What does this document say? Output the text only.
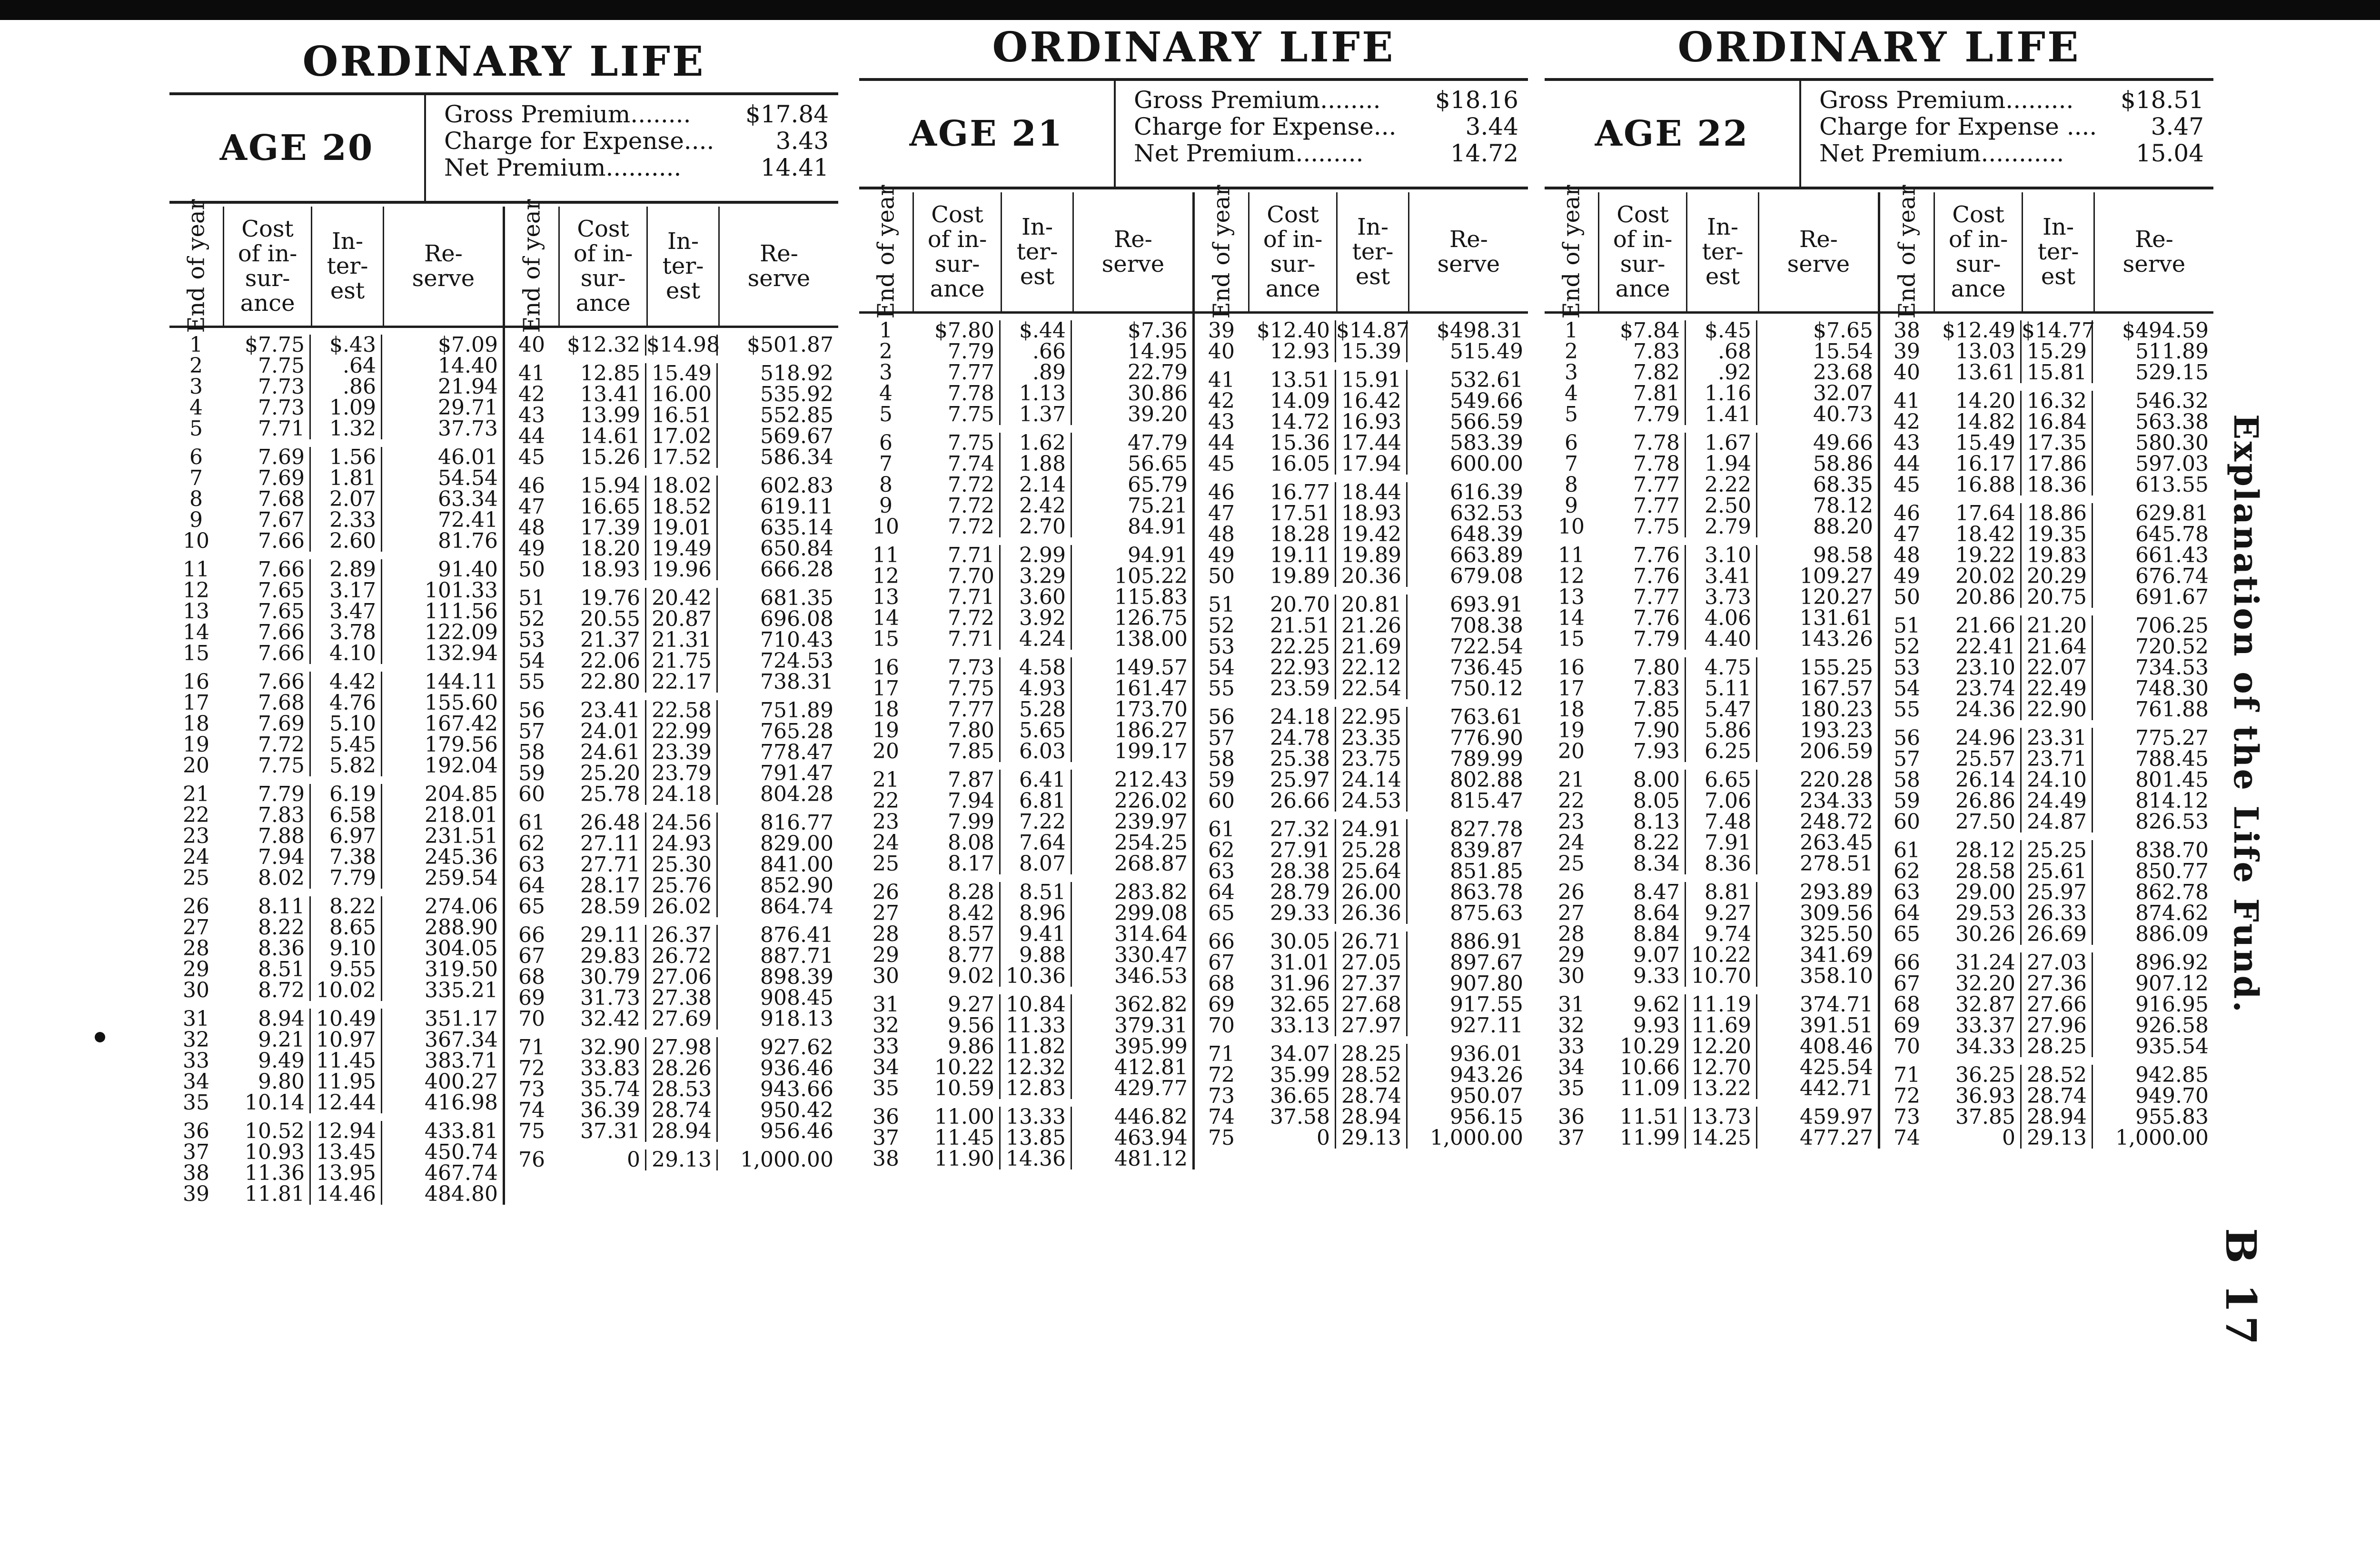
ORDINARY LIFE
AGE 20
Gross Premium........ $17.84
Charge for Expense....	3.43
Net Premium..........	14.41
End of year	Cost
of in-
sur-
ance
In-
ter-
est
Re-
serve
1	$7.75	$.43	$7.09
2	7.75	.64	14.40
3	7.73	.86	21.94
4	7.73	1.09	29.71
5	7.71	1.32	37.73
6	7.69	1.56	46.01
7	7.69	1.81	54.54
8	7.68	2.07	63.34
9	7.67	2.33	72.41
10	7.66	2.60	81.76
11	7.66	2.89	91.40
12	7.65	3.17	101.33
13	7.65	3.47	111.56
14	7.66	3.78	122.09
15	7.66	4.10	132.94
16	7.66	4.42	144.11
17	7.68	4.76	155.60
18	7.69	5.10	167.42
19	7.72	5.45	179.56
20	7.75	5.82	192.04
21	7.79	6.19	204.85
22	7.83	6.58	218.01
23	7.88	6.97	231.51
24	7.94	7.38	245.36
25	8.02	7.79	259.54
26	8.11	8.22	274.06
27	8.22	8.65	288.90
28	8.36	9.10	304.05
29	8.51	9.55	319.50
30	8.72 10.02	335.21
31	8.94 10.49	351.17
32	9.21 10.97	367.34
33	9.49 11.45	383.71
34	9.80 11.95	400.27
35	10.14 12.44	416.98
36	10.52 12.94	433.81
37	10.93 13.45	450.74
38	11.36 13.95	467.74
39	11.81 14.46	484.80
End of year	Cost
of in-
sur-
ance
In-
ter-
est
Re-
serve
40	$12.32 $14.98	$501.87
41	12.85 15.49	518.92
42	13.41 16.00	535.92
43	13.99 16.51	552.85
44	14.61 17.02	569.67
45	15.26 17.52	586.34
46	15.94 18.02	602.83
47	16.65 18.52	619.11
48	17.39 19.01	635.14
49	18.20 19.49	650.84
50	18.93 19.96	666.28
51	19.76 20.42	681.35
52	20.55 20.87	696.08
53	21.37 21.31	710.43
54	22.06 21.75	724.53
55	22.80 22.17	738.31
56	23.41 22.58	751.89
57	24.01 22.99	765.28
58	24.61 23.39	778.47
59	25.20 23.79	791.47
60	25.78 24.18	804.28
61	26.48 24.56	816.77
62	27.11 24.93	829.00
63	27.71 25.30	841.00
64	28.17 25.76	852.90
65	28.59 26.02	864.74
66	29.11 26.37	876.41
67	29.83 26.72	887.71
68	30.79 27.06	898.39
69	31.73 27.38	908.45
70	32.42 27.69	918.13
71	32.90 27.98	927.62
72	33.83 28.26	936.46
73	35.74 28.53	943.66
74	36.39 28.74	950.42
75	37.31 28.94	956.46
76	0 29.13	1,000.00
ORDINARY LIFE
AGE 21
Gross Premium........ $18.16
Charge for Expense...	3.44
Net Premium.........	14.72
End of year	Cost
of in-
sur-
ance
In-
ter-
est
Re-
serve
1	$7.80	$.44	$7.36
2	7.79	.66	14.95
3	7.77	.89	22.79
4	7.78	1.13	30.86
5	7.75	1.37	39.20
6	7.75	1.62	47.79
7	7.74	1.88	56.65
8	7.72	2.14	65.79
9	7.72	2.42	75.21
10	7.72	2.70	84.91
11	7.71	2.99	94.91
12	7.70	3.29	105.22
13	7.71	3.60	115.83
14	7.72	3.92	126.75
15	7.71	4.24	138.00
16	7.73	4.58	149.57
17	7.75	4.93	161.47
18	7.77	5.28	173.70
19	7.80	5.65	186.27
20	7.85	6.03	199.17
21	7.87	6.41	212.43
22	7.94	6.81	226.02
23	7.99	7.22	239.97
24	8.08	7.64	254.25
25	8.17	8.07	268.87
26	8.28	8.51	283.82
27	8.42	8.96	299.08
28	8.57	9.41	314.64
29	8.77	9.88	330.47
30	9.02 10.36	346.53
31	9.27 10.84	362.82
32	9.56 11.33	379.31
33	9.86 11.82	395.99
34	10.22 12.32	412.81
35	10.59 12.83	429.77
36	11.00 13.33	446.82
37	11.45 13.85	463.94
38	11.90 14.36	481.12
End of year	Cost
of in-
sur-
ance
In-
ter-
est
Re-
serve
39	$12.40 $14.87	$498.31
40	12.93 15.39	515.49
41	13.51 15.91	532.61
42	14.09 16.42	549.66
43	14.72 16.93	566.59
44	15.36 17.44	583.39
45	16.05 17.94	600.00
46	16.77 18.44	616.39
47	17.51 18.93	632.53
48	18.28 19.42	648.39
49	19.11 19.89	663.89
50	19.89 20.36	679.08
51	20.70 20.81	693.91
52	21.51 21.26	708.38
53	22.25 21.69	722.54
54	22.93 22.12	736.45
55	23.59 22.54	750.12
56	24.18 22.95	763.61
57	24.78 23.35	776.90
58	25.38 23.75	789.99
59	25.97 24.14	802.88
60	26.66 24.53	815.47
61	27.32 24.91	827.78
62	27.91 25.28	839.87
63	28.38 25.64	851.85
64	28.79 26.00	863.78
65	29.33 26.36	875.63
66	30.05 26.71	886.91
67	31.01 27.05	897.67
68	31.96 27.37	907.80
69	32.65 27.68	917.55
70	33.13 27.97	927.11
71	34.07 28.25	936.01
72	35.99 28.52	943.26
73	36.65 28.74	950.07
74	37.58 28.94	956.15
75	0 29.13	1,000.00
ORDINARY LIFE
AGE 22
Gross Premium......... $18.51
Charge for Expense .... 3.47
Net Premium...........	15.04
End of year	Cost
of in-
sur-
ance
In-
ter-
est
Re-
serve
1	$7.84	$.45	$7.65
2	7.83	.68	15.54
3	7.82	.92	23.68
4	7.81	1.16	32.07
5	7.79	1.41	40.73
6	7.78	1.67	49.66
7	7.78	1.94	58.86
8	7.77	2.22	68.35
9	7.77	2.50	78.12
10	7.75	2.79	88.20
11	7.76	3.10	98.58
12	7.76	3.41	109.27
13	7.77	3.73	120.27
14	7.76	4.06	131.61
15	7.79	4.40	143.26
16	7.80	4.75	155.25
17	7.83	5.11	167.57
18	7.85	5.47	180.23
19	7.90	5.86	193.23
20	7.93	6.25	206.59
21	8.00	6.65	220.28
22	8.05	7.06	234.33
23	8.13	7.48	248.72
24	8.22	7.91	263.45
25	8.34	8.36	278.51
26	8.47	8.81	293.89
27	8.64	9.27	309.56
28	8.84	9.74	325.50
29	9.07 10.22	341.69
30	9.33 10.70	358.10
31	9.62 11.19	374.71
32	9.93 11.69	391.51
33	10.29 12.20	408.46
34	10.66 12.70	425.54
35	11.09 13.22	442.71
36	11.51 13.73	459.97
37	11.99 14.25	477.27
End of year	Cost
of in-
sur-
ance
In-
ter-
est
Re-
serve
38	$12.49 $14.77	$494.59
39	13.03 15.29	511.89
40	13.61 15.81	529.15
41	14.20 16.32	546.32
42	14.82 16.84	563.38
43	15.49 17.35	580.30
44	16.17 17.86	597.03
45	16.88 18.36	613.55
46	17.64 18.86	629.81
47	18.42 19.35	645.78
48	19.22 19.83	661.43
49	20.02 20.29	676.74
50	20.86 20.75	691.67
51	21.66 21.20	706.25
52	22.41 21.64	720.52
53	23.10 22.07	734.53
54	23.74 22.49	748.30
55	24.36 22.90	761.88
56	24.96 23.31	775.27
57	25.57 23.71	788.45
58	26.14 24.10	801.45
59	26.86 24.49	814.12
60	27.50 24.87	826.53
61	28.12 25.25	838.70
62	28.58 25.61	850.77
63	29.00 25.97	862.78
64	29.53 26.33	874.62
65	30.26 26.69	886.09
66	31.24 27.03	896.92
67	32.20 27.36	907.12
68	32.87 27.66	916.95
69	33.37 27.96	926.58
70	34.33 28.25	935.54
71	36.25 28.52	942.85
72	36.93 28.74	949.70
73	37.85 28.94	955.83
74	0 29.13	1,000.00
Explanation of the Life Fund.
B 17
